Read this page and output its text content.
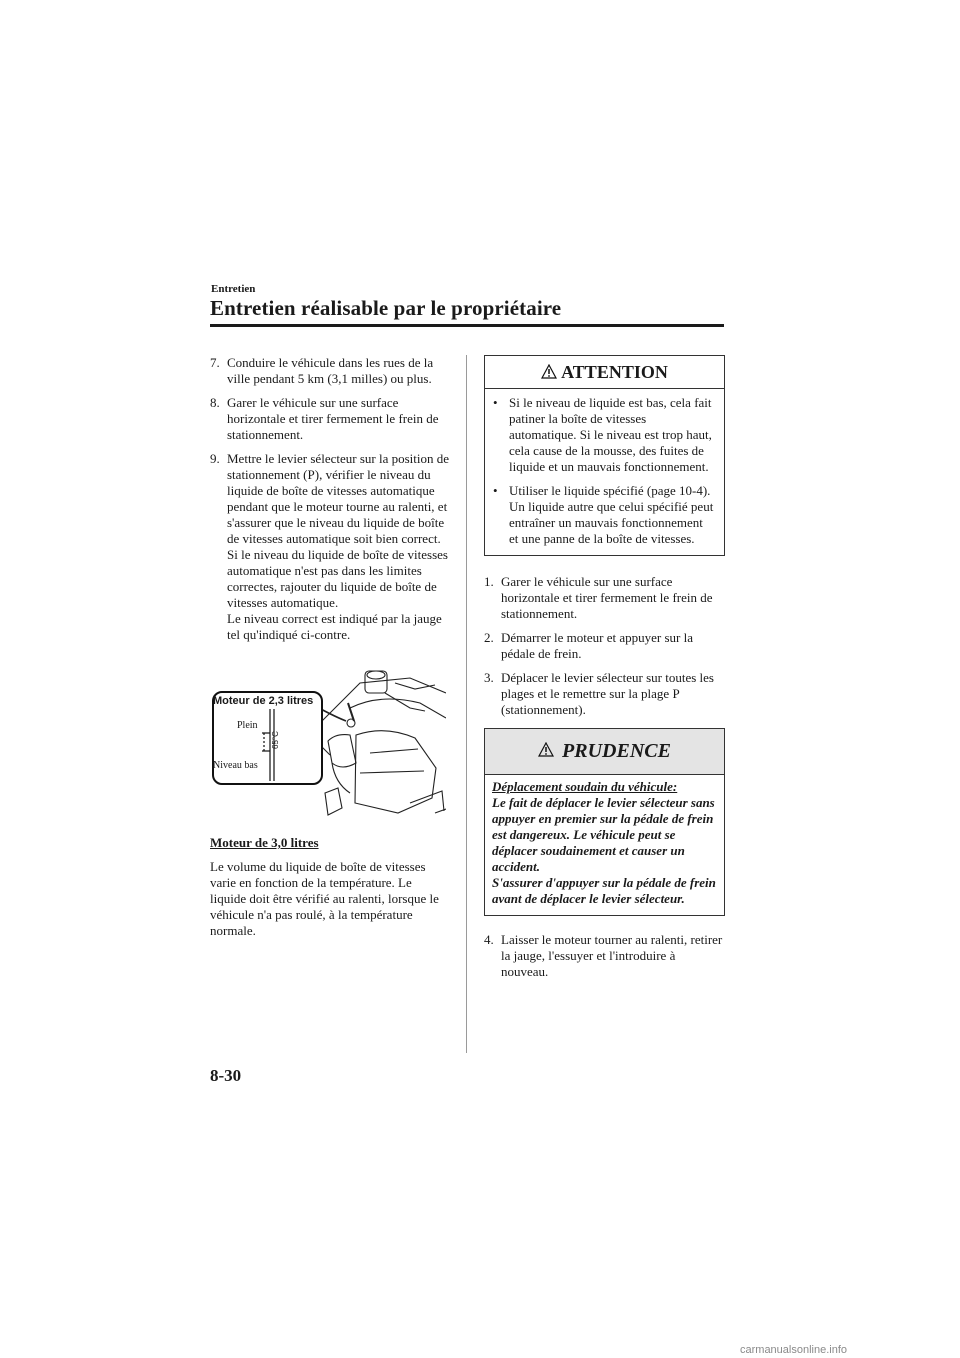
Entretien
Entretien réalisable par le propriétaire
7. Conduire le véhicule dans les rues de la ville pendant 5 km (3,1 milles) ou plus.
8. Garer le véhicule sur une surface horizontale et tirer fermement le frein de stationnement.
9. Mettre le levier sélecteur sur la position de stationnement (P), vérifier le niveau du liquide de boîte de vitesses automatique pendant que le moteur tourne au ralenti, et s'assurer que le niveau du liquide de boîte de vitesses automatique soit bien correct. Si le niveau du liquide de boîte de vitesses automatique n'est pas dans les limites correctes, rajouter du liquide de boîte de vitesses automatique.
Le niveau correct est indiqué par la jauge tel qu'indiqué ci-contre.
Moteur de 2,3 litres
Plein
Niveau bas
65°C
Moteur de 3,0 litres

Le volume du liquide de boîte de vitesses varie en fonction de la température. Le liquide doit être vérifié au ralenti, lorsque le véhicule n'a pas roulé, à la température normale.

ATTENTION
• Si le niveau de liquide est bas, cela fait patiner la boîte de vitesses automatique. Si le niveau est trop haut, cela cause de la mousse, des fuites de liquide et un mauvais fonctionnement.
• Utiliser le liquide spécifié (page 10-4). Un liquide autre que celui spécifié peut entraîner un mauvais fonctionnement et une panne de la boîte de vitesses.
1. Garer le véhicule sur une surface horizontale et tirer fermement le frein de stationnement.
2. Démarrer le moteur et appuyer sur la pédale de frein.
3. Déplacer le levier sélecteur sur toutes les plages et le remettre sur la plage P (stationnement).
PRUDENCE
Déplacement soudain du véhicule:
Le fait de déplacer le levier sélecteur sans appuyer en premier sur la pédale de frein est dangereux. Le véhicule peut se déplacer soudainement et causer un accident.
S'assurer d'appuyer sur la pédale de frein avant de déplacer le levier sélecteur.
4. Laisser le moteur tourner au ralenti, retirer la jauge, l'essuyer et l'introduire à nouveau.
8-30
carmanualsonline.info
